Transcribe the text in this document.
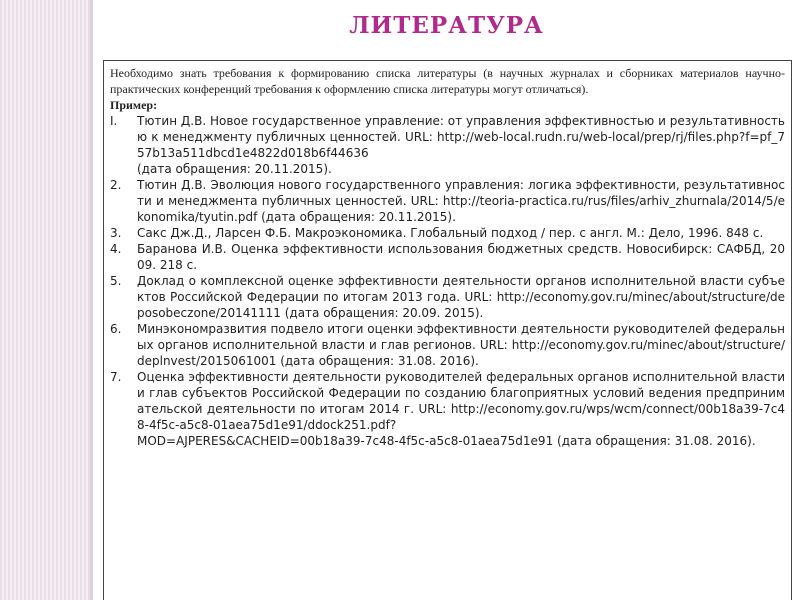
ЛИТЕРАТУРА

Необходимо знать требования к формированию списка литературы (в научных журналах и сборниках материалов научно-практических конференций требования к оформлению списка литературы могут отличаться).

Пример:

I.	Тютин Д.В. Новое государственное управление: от управления эффективностью и результативностью к менеджменту публичных ценностей. URL: http://web-local.rudn.ru/web-local/prep/rj/files.php?f=pf_757b13a511dbcd1e4822d018b6f44636
(дата обращения: 20.11.2015).
2.	Тютин Д.В. Эволюция нового государственного управления: логика эффективности, результативности и менеджмента публичных ценностей. URL: http://teoria-practica.ru/rus/files/arhiv_zhurnala/2014/5/ekonomika/tyutin.pdf (дата обращения: 20.11.2015).
3.	Сакс Дж.Д., Ларсен Ф.Б. Макроэкономика. Глобальный подход / пер. с англ. М.: Дело, 1996. 848 с.
4.	Баранова И.В. Оценка эффективности использования бюджетных средств. Новосибирск: САФБД, 2009. 218 с.
5.	Доклад о комплексной оценке эффективности деятельности органов исполнительной власти субъектов Российской Федерации по итогам 2013 года. URL: http://economy.gov.ru/minec/about/structure/deposobeczone/20141111 (дата обращения: 20.09. 2015).
6.	Минэкономразвития подвело итоги оценки эффективности деятельности руководителей федеральных органов исполнительной власти и глав регионов. URL: http://economy.gov.ru/minec/about/structure/deplnvest/2015061001 (дата обращения: 31.08. 2016).
7.	Оценка эффективности деятельности руководителей федеральных органов исполнительной власти и глав субъектов Российской Федерации по созданию благоприятных условий ведения предпринимательской деятельности по итогам 2014 г. URL: http://economy.gov.ru/wps/wcm/connect/00b18a39-7c48-4f5c-a5c8-01aea75d1e91/ddock251.pdf?
MOD=AJPERES&CACHEID=00b18a39-7c48-4f5c-a5c8-01aea75d1e91 (дата обращения: 31.08. 2016).
